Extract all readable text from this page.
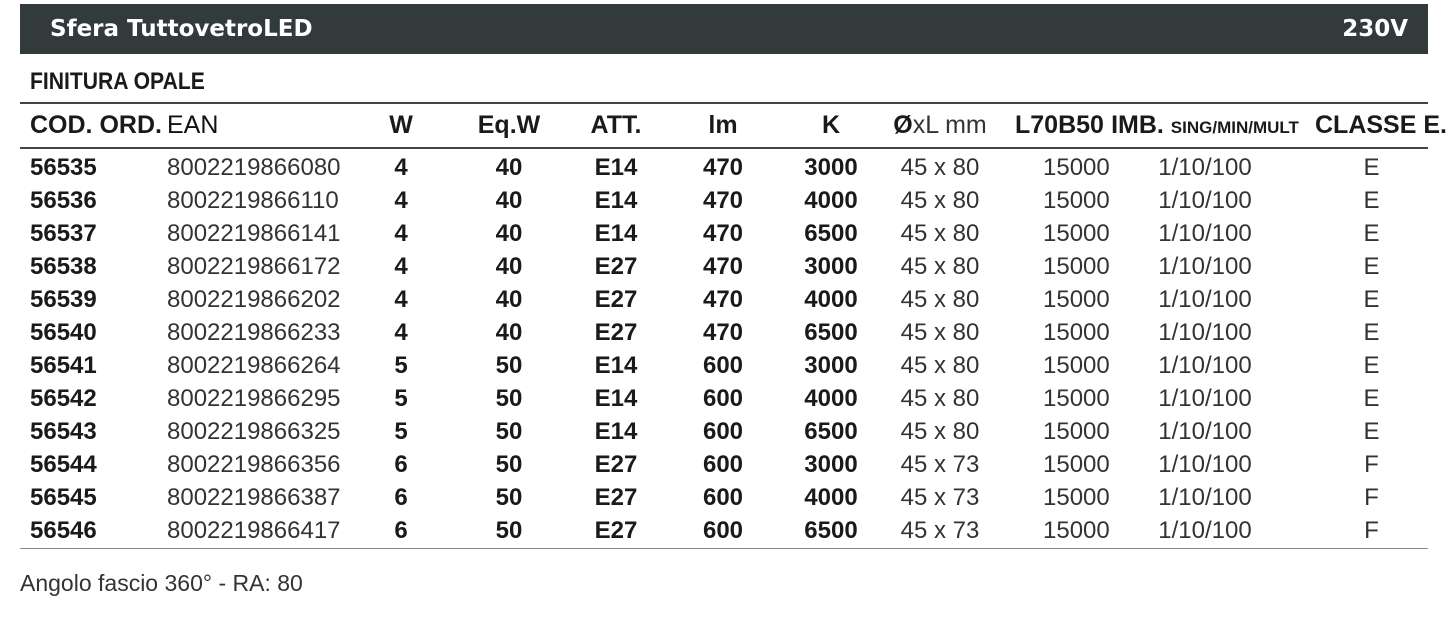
Sfera TuttovetroLED	230V
FINITURA OPALE
COD. ORD.	EAN	W	Eq.W	ATT.	lm	K	ØxL mm	L70B50	IMB. SING/MIN/MULT	CLASSE E.
56535	8002219866080	4	40	E14	470	3000	45 x 80	15000	1/10/100	E
56536	8002219866110	4	40	E14	470	4000	45 x 80	15000	1/10/100	E
56537	8002219866141	4	40	E14	470	6500	45 x 80	15000	1/10/100	E
56538	8002219866172	4	40	E27	470	3000	45 x 80	15000	1/10/100	E
56539	8002219866202	4	40	E27	470	4000	45 x 80	15000	1/10/100	E
56540	8002219866233	4	40	E27	470	6500	45 x 80	15000	1/10/100	E
56541	8002219866264	5	50	E14	600	3000	45 x 80	15000	1/10/100	E
56542	8002219866295	5	50	E14	600	4000	45 x 80	15000	1/10/100	E
56543	8002219866325	5	50	E14	600	6500	45 x 80	15000	1/10/100	E
56544	8002219866356	6	50	E27	600	3000	45 x 73	15000	1/10/100	F
56545	8002219866387	6	50	E27	600	4000	45 x 73	15000	1/10/100	F
56546	8002219866417	6	50	E27	600	6500	45 x 73	15000	1/10/100	F
Angolo fascio 360° - RA: 80
